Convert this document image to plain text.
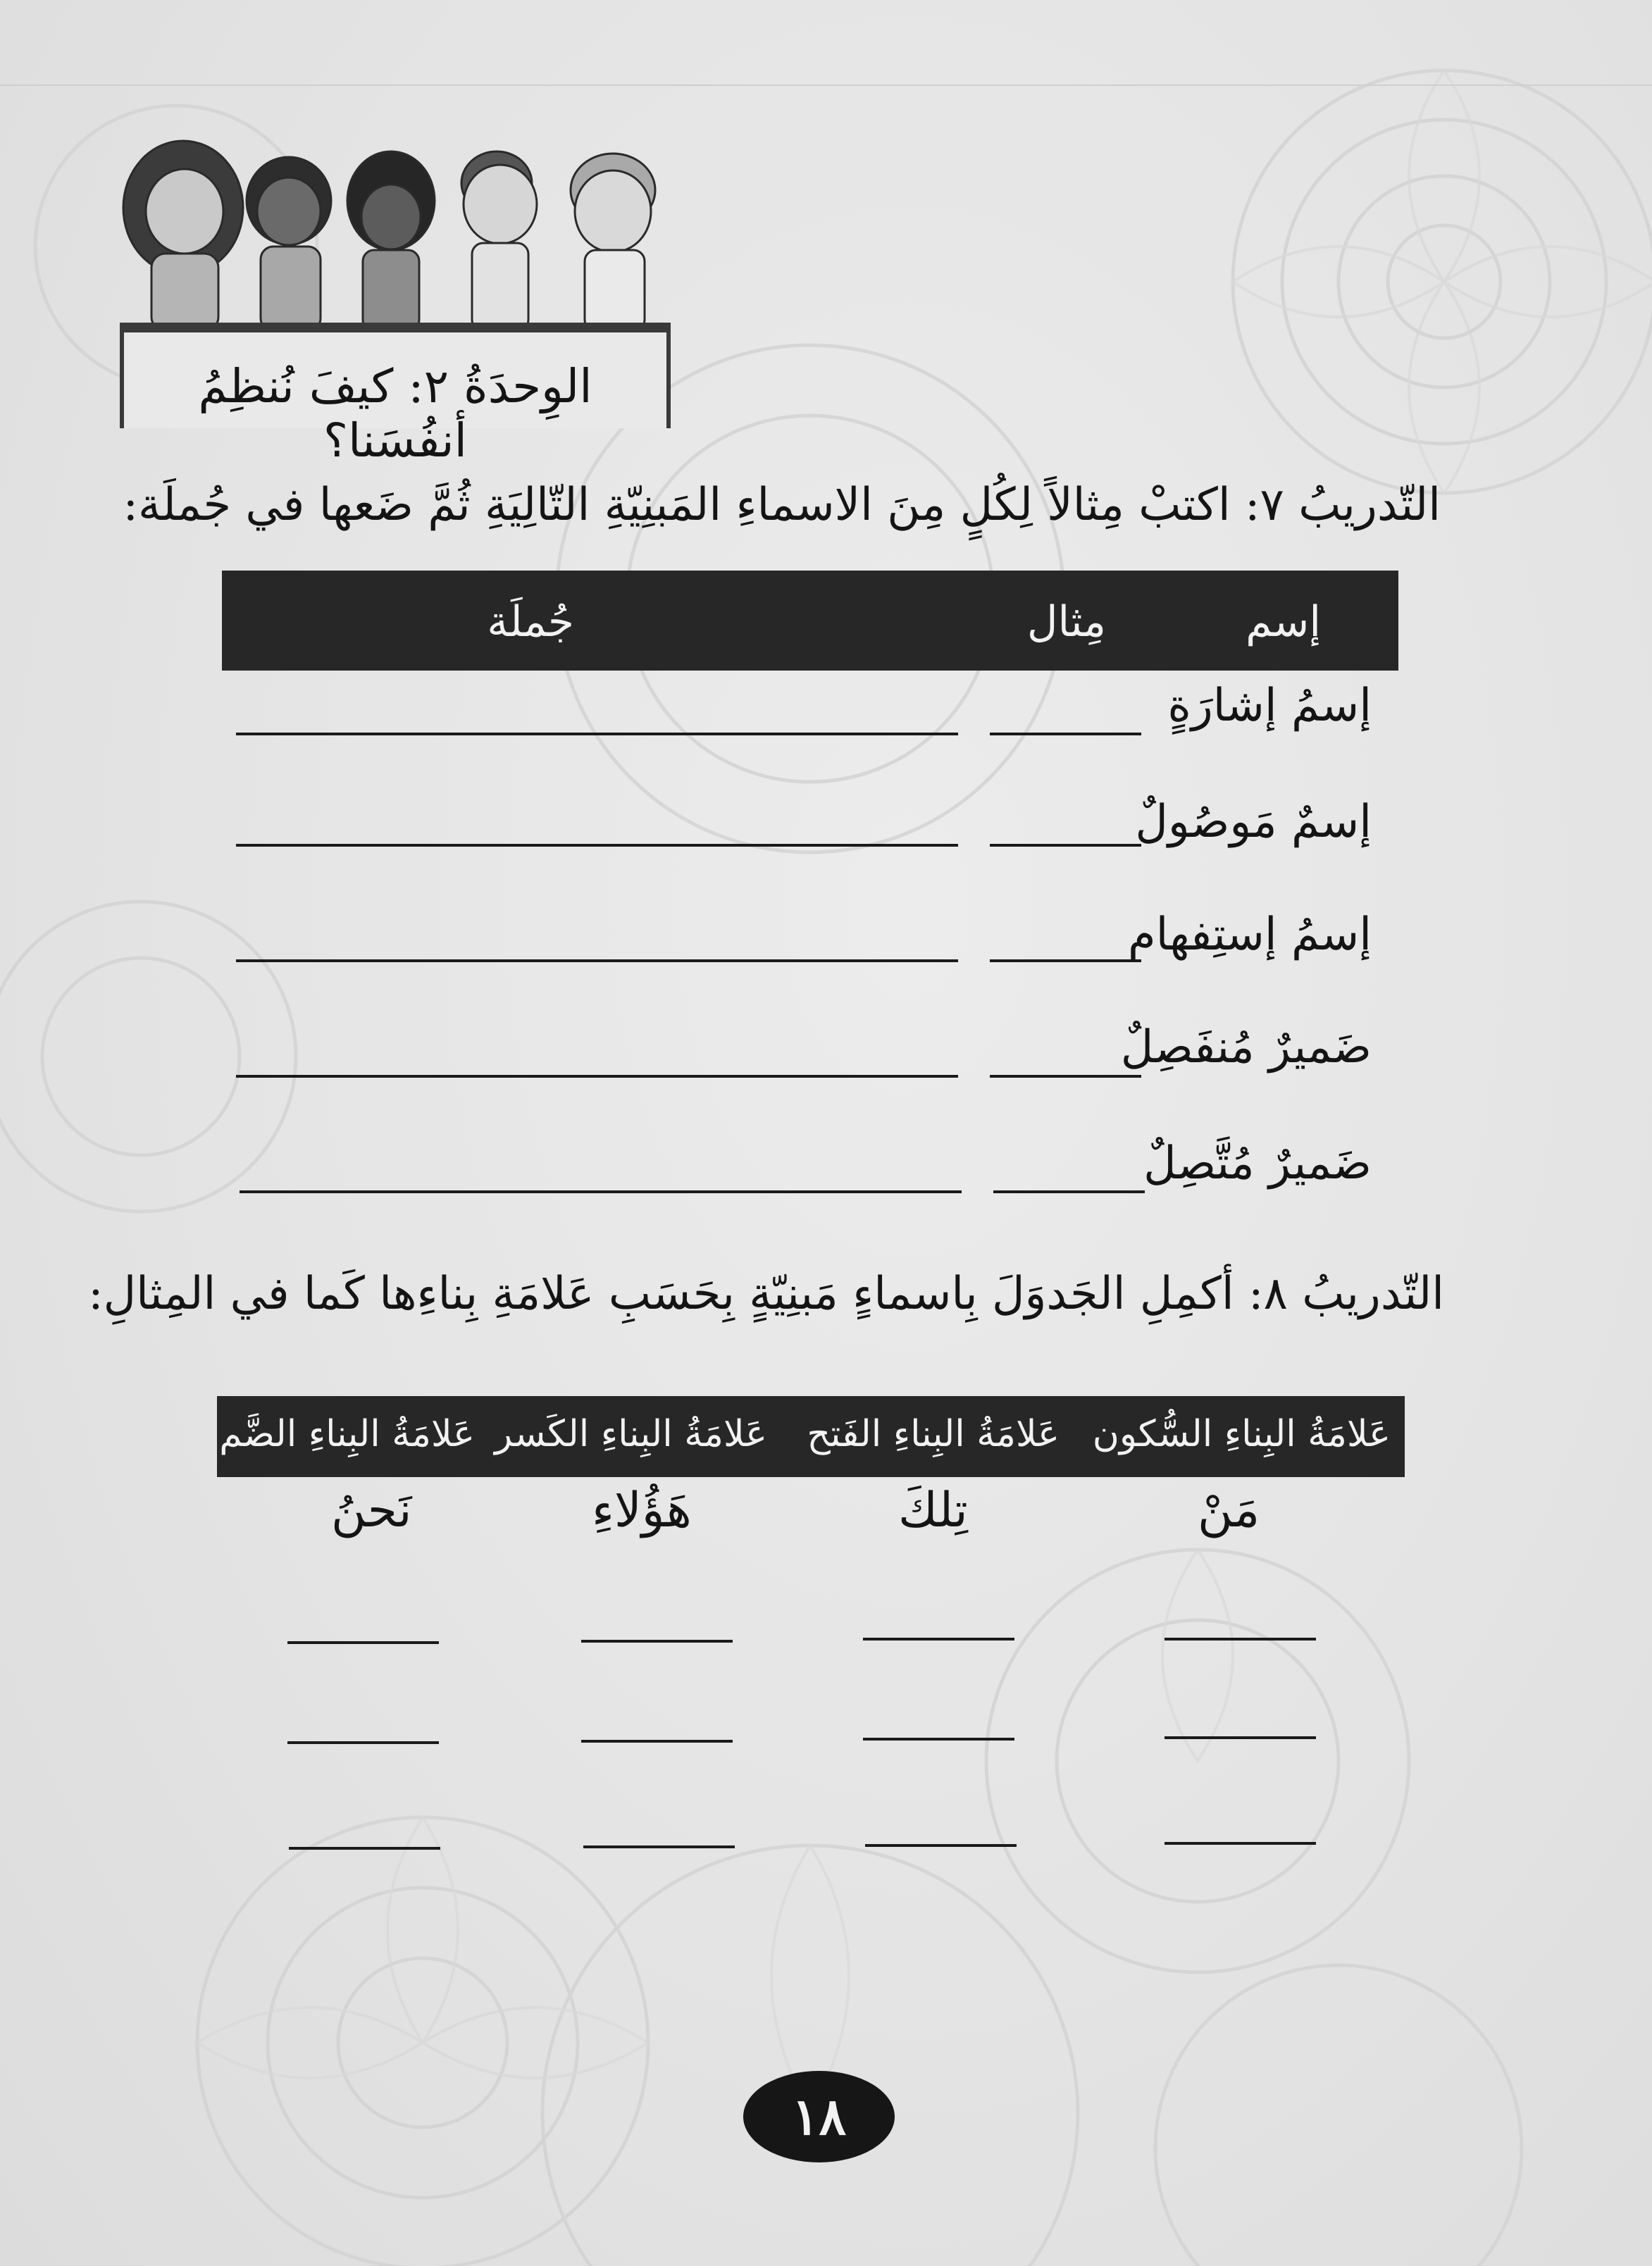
الوِحدَةُ ٢: كيفَ نُنظِمُ أنفُسَنا؟
التّدريبُ ٧: اكتبْ مِثالاً لِكُلٍ مِنَ الاسماءِ المَبنِيّةِ التّالِيَةِ ثُمَّ ضَعها في جُملَة:
إسم
مِثال
جُملَة
إسمُ إشارَةٍ
إسمٌ مَوصُولٌ
إسمُ إستِفهام
ضَميرٌ مُنفَصِلٌ
ضَميرٌ مُتَّصِلٌ
التّدريبُ ٨: أكمِلِ الجَدوَلَ بِاسماءٍ مَبنِيّةٍ بِحَسَبِ عَلامَةِ بِناءِها كَما في المِثالِ:
عَلامَةُ البِناءِ السُّكون
عَلامَةُ البِناءِ الفَتح
عَلامَةُ البِناءِ الكَسر
عَلامَةُ البِناءِ الضَّم
مَنْ
تِلكَ
هَؤُلاءِ
نَحنُ
١٨
